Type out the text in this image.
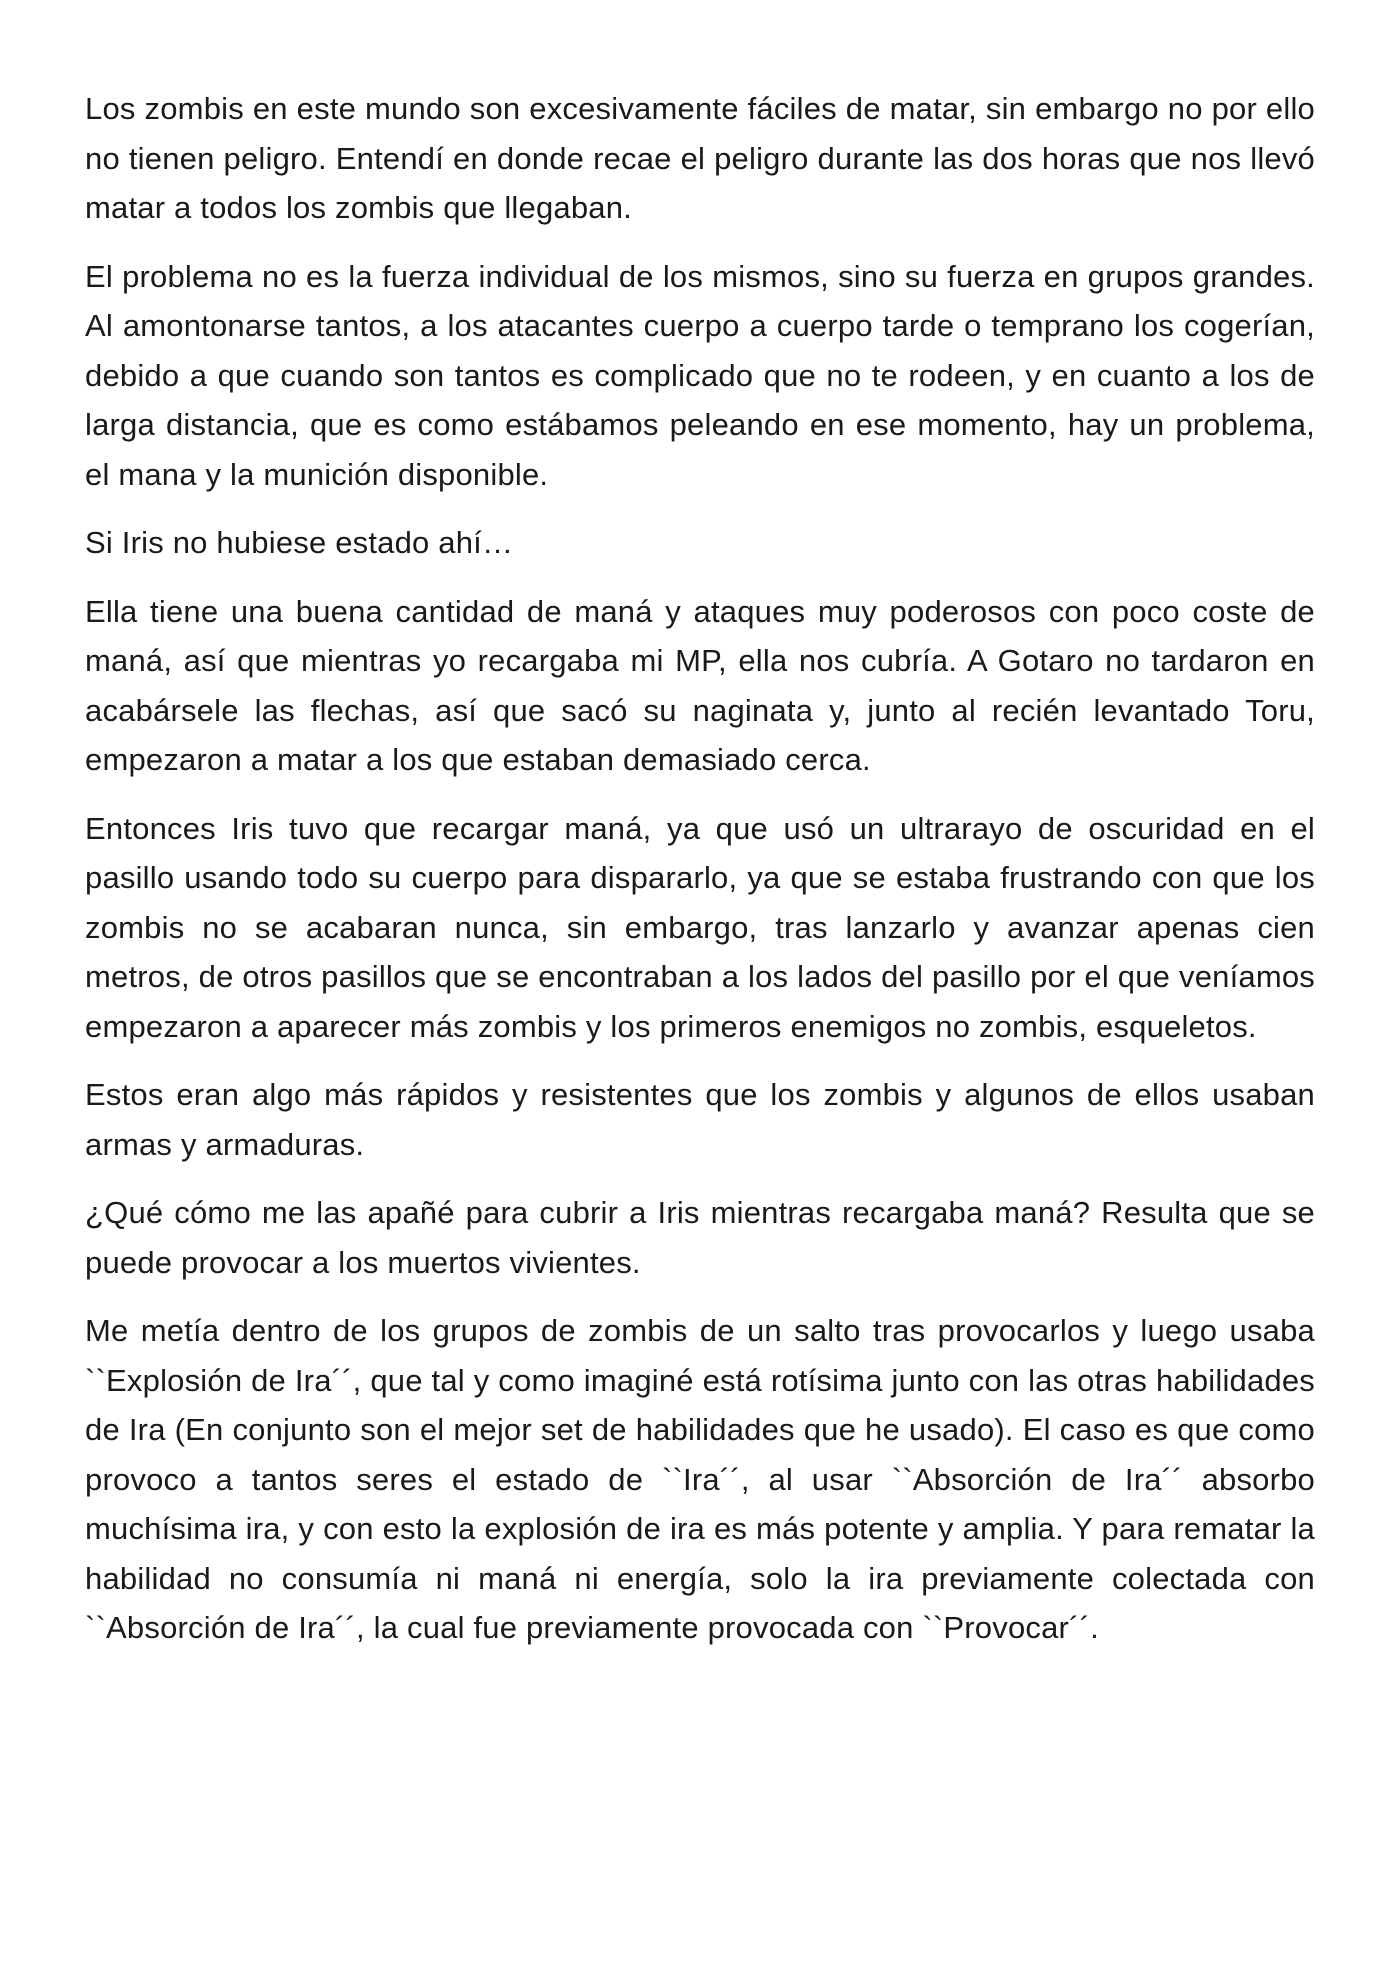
Los zombis en este mundo son excesivamente fáciles de matar, sin embargo no por ello no tienen peligro. Entendí en donde recae el peligro durante las dos horas que nos llevó matar a todos los zombis que llegaban.

El problema no es la fuerza individual de los mismos, sino su fuerza en grupos grandes. Al amontonarse tantos, a los atacantes cuerpo a cuerpo tarde o temprano los cogerían, debido a que cuando son tantos es complicado que no te rodeen, y en cuanto a los de larga distancia, que es como estábamos peleando en ese momento, hay un problema, el mana y la munición disponible.

Si Iris no hubiese estado ahí…

Ella tiene una buena cantidad de maná y ataques muy poderosos con poco coste de maná, así que mientras yo recargaba mi MP, ella nos cubría. A Gotaro no tardaron en acabársele las flechas, así que sacó su naginata y, junto al recién levantado Toru, empezaron a matar a los que estaban demasiado cerca.

Entonces Iris tuvo que recargar maná, ya que usó un ultrarayo de oscuridad en el pasillo usando todo su cuerpo para dispararlo, ya que se estaba frustrando con que los zombis no se acabaran nunca, sin embargo, tras lanzarlo y avanzar apenas cien metros, de otros pasillos que se encontraban a los lados del pasillo por el que veníamos empezaron a aparecer más zombis y los primeros enemigos no zombis, esqueletos.

Estos eran algo más rápidos y resistentes que los zombis y algunos de ellos usaban armas y armaduras.

¿Qué cómo me las apañé para cubrir a Iris mientras recargaba maná? Resulta que se puede provocar a los muertos vivientes.

Me metía dentro de los grupos de zombis de un salto tras provocarlos y luego usaba ``Explosión de Ira´´, que tal y como imaginé está rotísima junto con las otras habilidades de Ira (En conjunto son el mejor set de habilidades que he usado). El caso es que como provoco a tantos seres el estado de ``Ira´´, al usar ``Absorción de Ira´´ absorbo muchísima ira, y con esto la explosión de ira es más potente y amplia. Y para rematar la habilidad no consumía ni maná ni energía, solo la ira previamente colectada con ``Absorción de Ira´´, la cual fue previamente provocada con ``Provocar´´.
